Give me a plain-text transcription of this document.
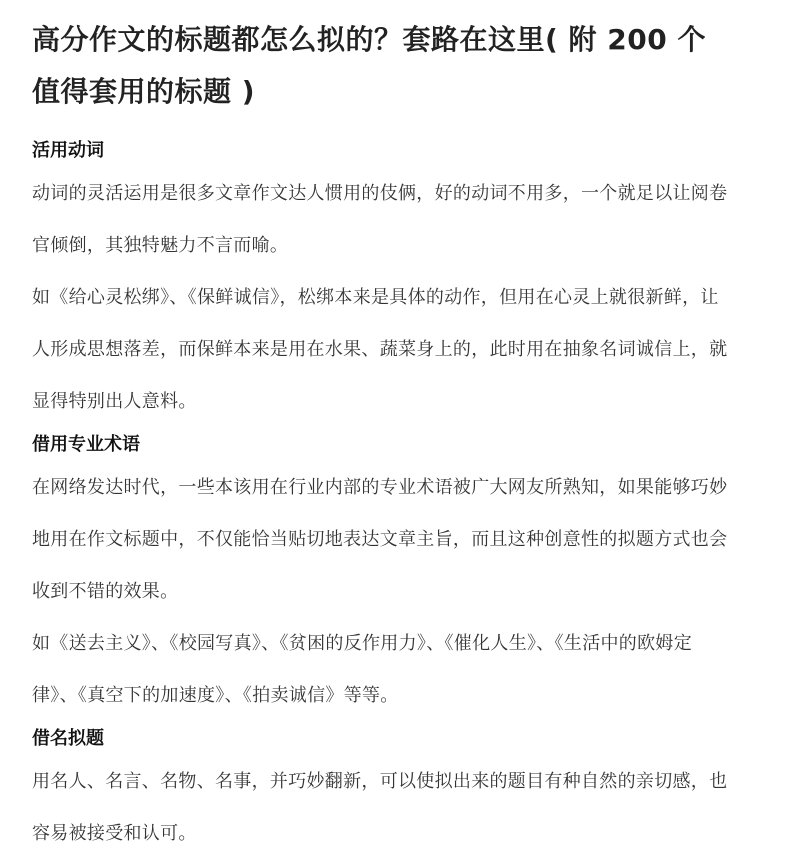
高分作文的标题都怎么拟的？套路在这里( 附 200 个值得套用的标题 )
活用动词

动词的灵活运用是很多文章作文达人惯用的伎俩，好的动词不用多，一个就足以让阅卷官倾倒，其独特魅力不言而喻。

如《给心灵松绑》、《保鲜诚信》，松绑本来是具体的动作，但用在心灵上就很新鲜，让人形成思想落差，而保鲜本来是用在水果、蔬菜身上的，此时用在抽象名词诚信上，就显得特别出人意料。

借用专业术语

在网络发达时代，一些本该用在行业内部的专业术语被广大网友所熟知，如果能够巧妙地用在作文标题中，不仅能恰当贴切地表达文章主旨，而且这种创意性的拟题方式也会收到不错的效果。

如《送去主义》、《校园写真》、《贫困的反作用力》、《催化人生》、《生活中的欧姆定律》、《真空下的加速度》、《拍卖诚信》等等。

借名拟题

用名人、名言、名物、名事，并巧妙翻新，可以使拟出来的题目有种自然的亲切感，也容易被接受和认可。
